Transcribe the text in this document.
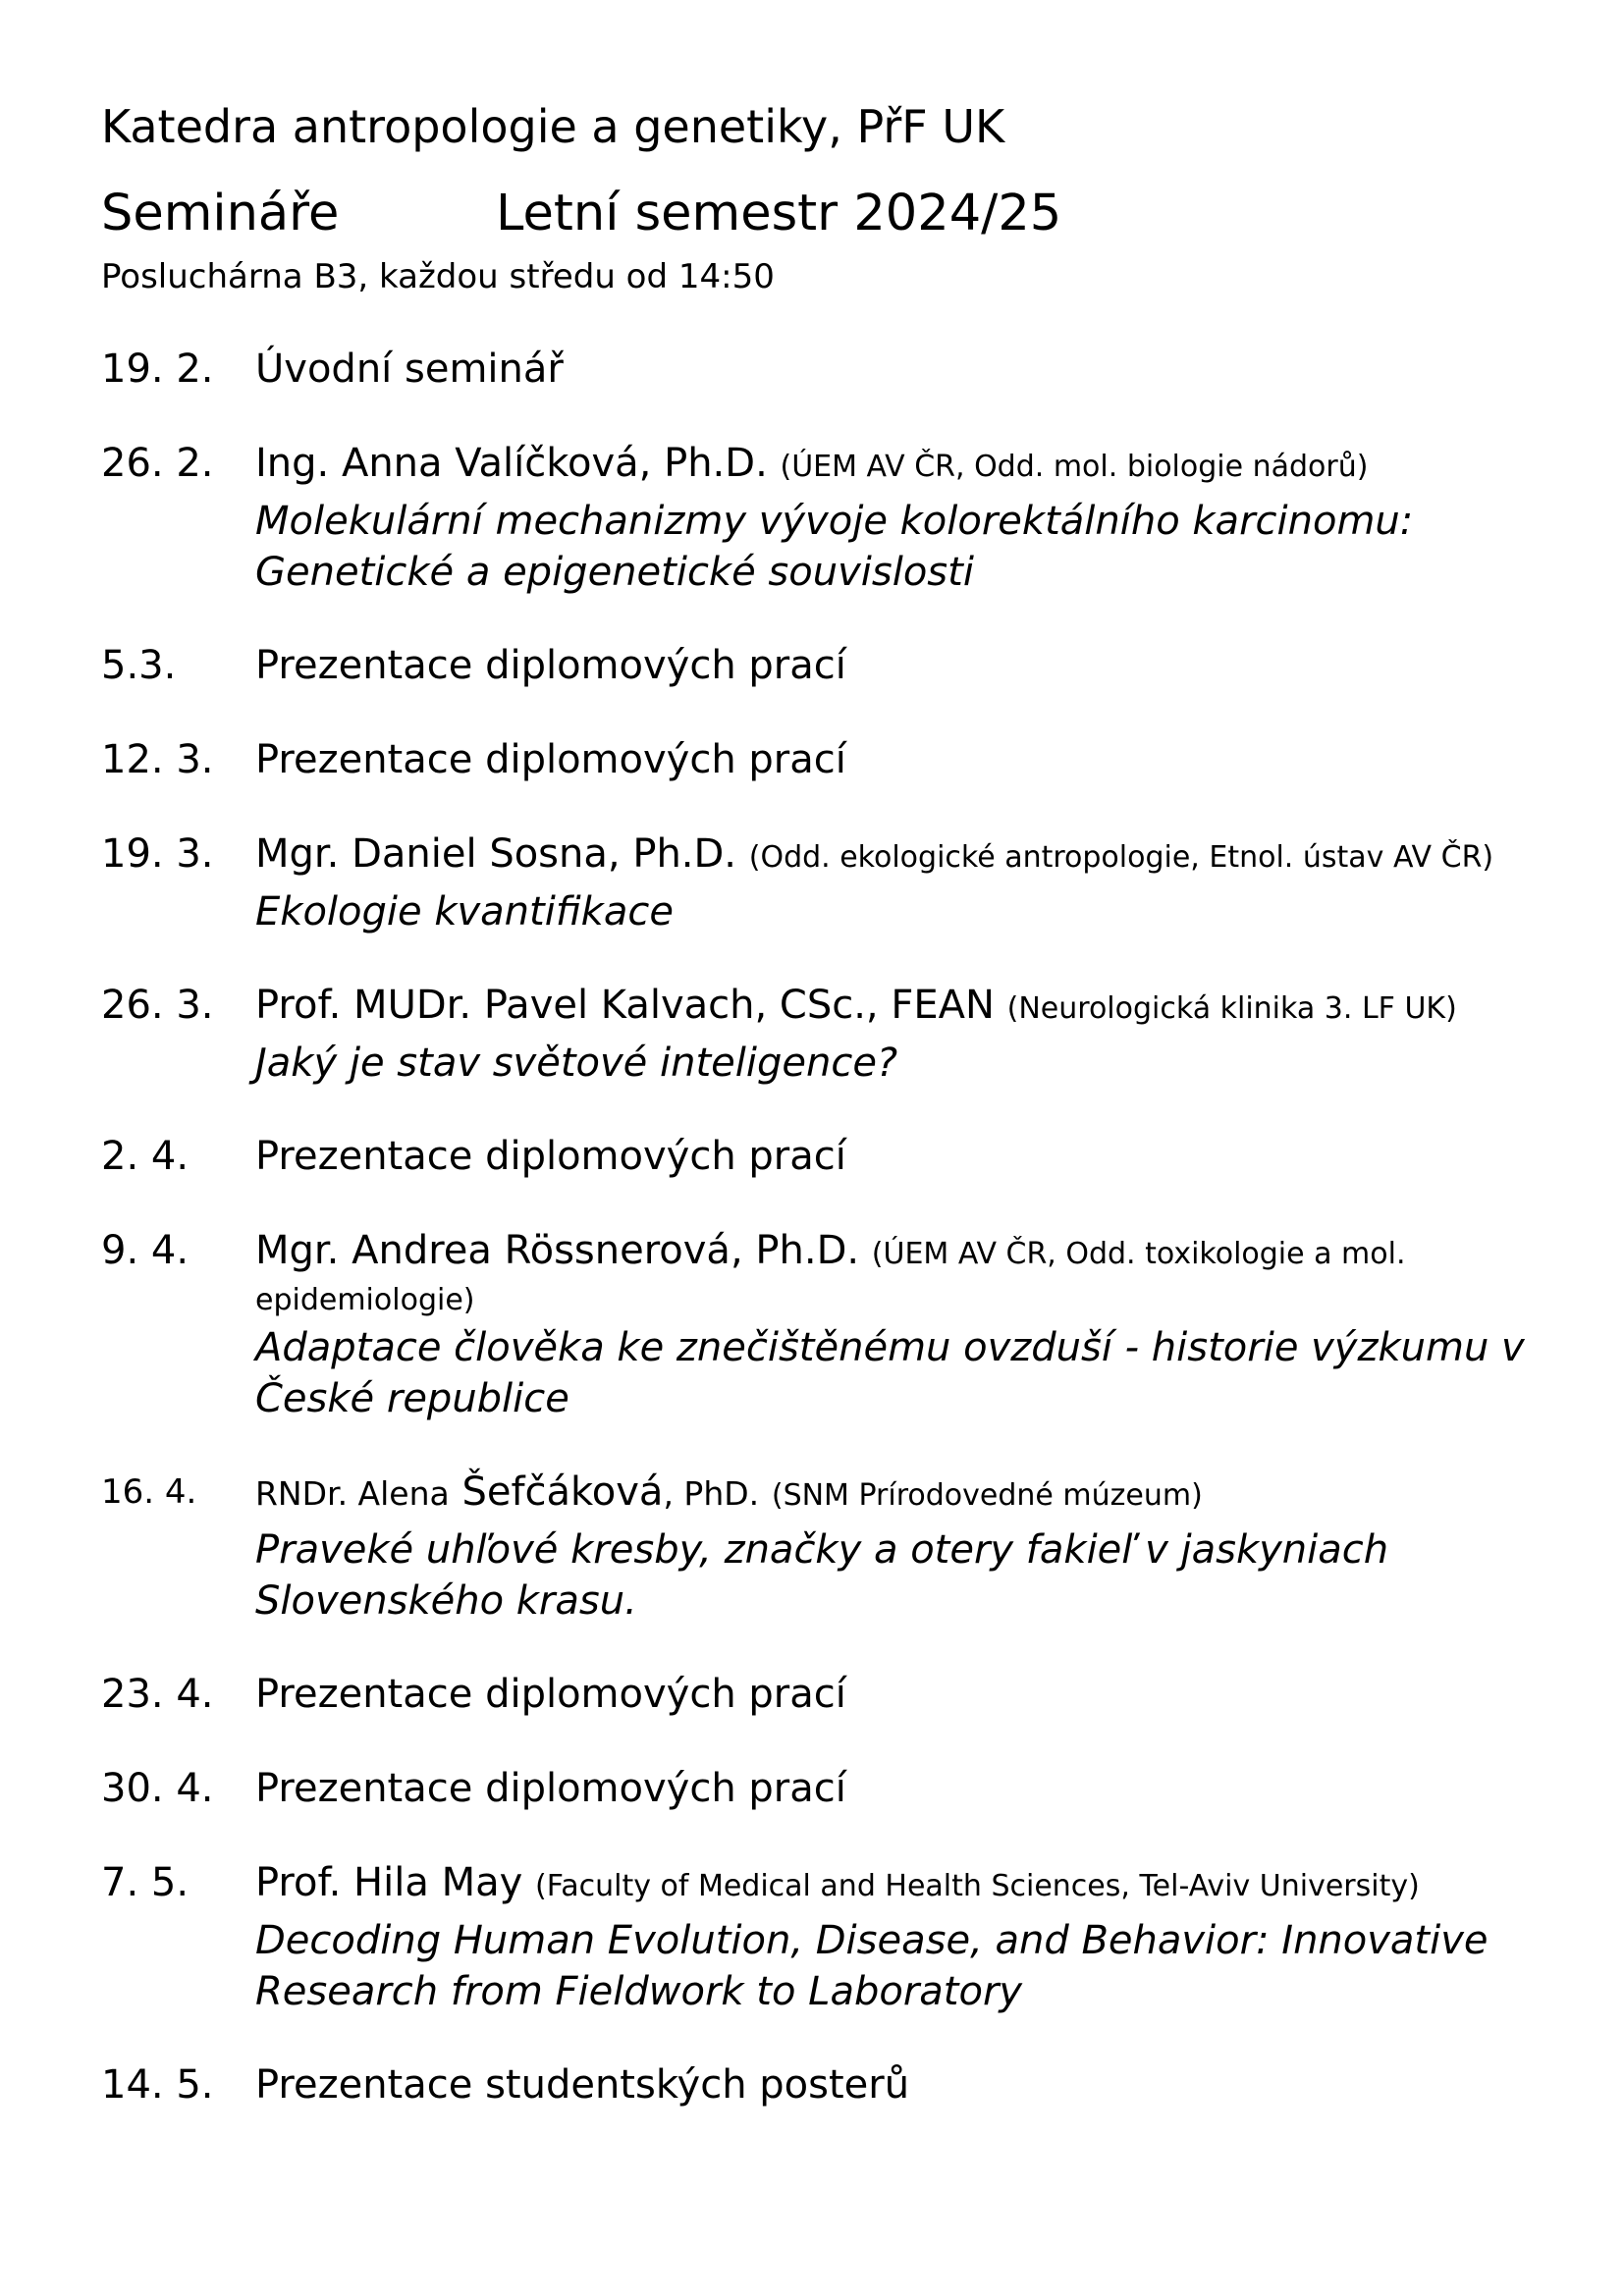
Katedra antropologie a genetiky, PřF UK
Semináře	Letní semestr 2024/25
Posluchárna B3, každou středu od 14:50
19. 2.	Úvodní seminář
26. 2.	Ing. Anna Valíčková, Ph.D. (ÚEM AV ČR, Odd. mol. biologie nádorů)
Molekulární mechanizmy vývoje kolorektálního karcinomu:
Genetické a epigenetické souvislosti
5.3.	Prezentace diplomových prací
12. 3.	Prezentace diplomových prací
19. 3.	Mgr. Daniel Sosna, Ph.D. (Odd. ekologické antropologie, Etnol. ústav AV ČR)
Ekologie kvantifikace
26. 3.	Prof. MUDr. Pavel Kalvach, CSc., FEAN (Neurologická klinika 3. LF UK)
Jaký je stav světové inteligence?
2. 4.	Prezentace diplomových prací
9. 4.	Mgr. Andrea Rössnerová, Ph.D. (ÚEM AV ČR, Odd. toxikologie a mol.
epidemiologie)
Adaptace člověka ke znečištěnému ovzduší - historie výzkumu v
České republice
16. 4.	RNDr. Alena Šefčáková, PhD. (SNM Prírodovedné múzeum)
Praveké uhľové kresby, značky a otery fakieľ v jaskyniach
Slovenského krasu.
23. 4.	Prezentace diplomových prací
30. 4.	Prezentace diplomových prací
7. 5.	Prof. Hila May (Faculty of Medical and Health Sciences, Tel-Aviv University)
Decoding Human Evolution, Disease, and Behavior: Innovative
Research from Fieldwork to Laboratory
14. 5.	Prezentace studentských posterů
